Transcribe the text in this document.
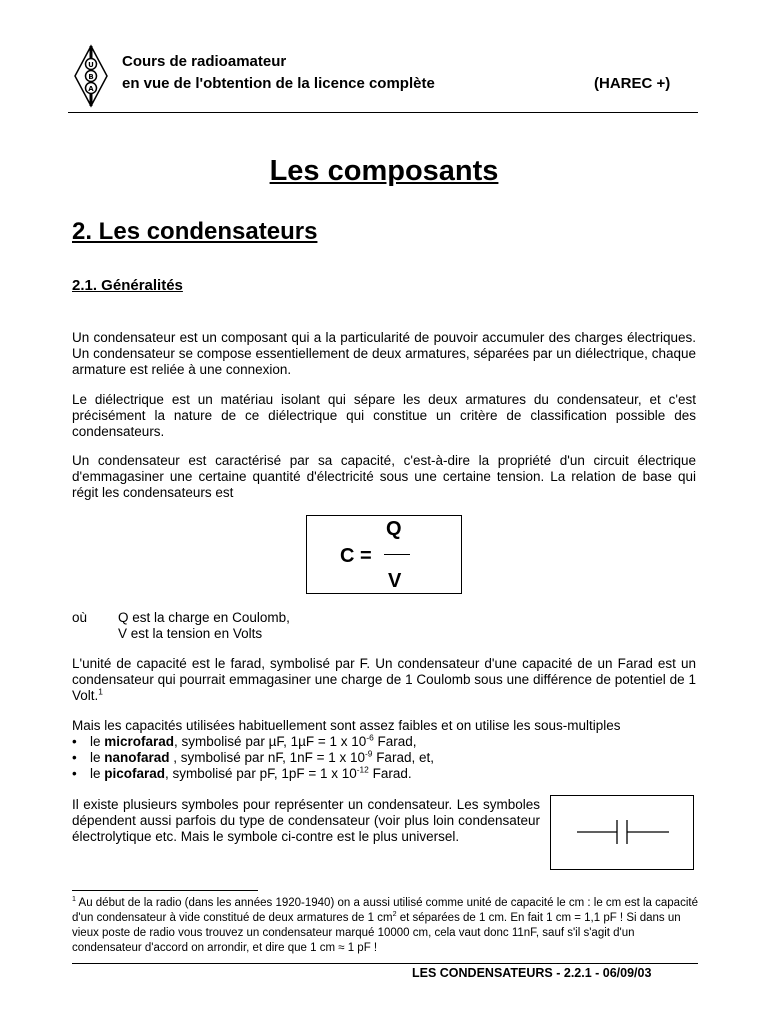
U
B
A
Cours de radioamateur
en vue de l'obtention de la licence complète	(HAREC +)
Les composants
2. Les condensateurs
2.1. Généralités
Un condensateur est un composant qui a la particularité de pouvoir accumuler des charges électriques. Un condensateur se compose essentiellement de deux armatures, séparées par un diélectrique, chaque armature est reliée à une connexion.
Le diélectrique est un matériau isolant qui sépare les deux armatures du condensateur, et c'est précisément la nature de ce diélectrique qui constitue un critère de classification possible des condensateurs.
Un condensateur est caractérisé par sa capacité, c'est-à-dire la propriété d'un circuit électrique d'emmagasiner une certaine quantité d'électricité sous une certaine tension. La relation de base qui régit les condensateurs est
Q
C =
V
où Q est la charge en Coulomb,
V est la tension en Volts
L'unité de capacité est le farad, symbolisé par F. Un condensateur d'une capacité de un Farad est un condensateur qui pourrait emmagasiner une charge de 1 Coulomb sous une différence de potentiel de 1 Volt.$^1$
Mais les capacités utilisées habituellement sont assez faibles et on utilise les sous-multiples
• le microfarad, symbolisé par µF, 1µF = 1 x $10^{-6}$ Farad,
• le nanofarad , symbolisé par nF, 1nF = 1 x $10^{-9}$ Farad, et,
• le picofarad, symbolisé par pF, 1pF = 1 x $10^{-12}$ Farad.
Il existe plusieurs symboles pour représenter un condensateur. Les symboles dépendent aussi parfois du type de condensateur (voir plus loin condensateur électrolytique etc. Mais le symbole ci-contre est le plus universel.
$^1$ Au début de la radio (dans les années 1920-1940) on a aussi utilisé comme unité de capacité le cm : le cm est la capacité d'un condensateur à vide constitué de deux armatures de 1 $cm^2$ et séparées de 1 cm. En fait 1 cm = 1,1 pF ! Si dans un vieux poste de radio vous trouvez un condensateur marqué 10000 cm, cela vaut donc 11nF, sauf s'il s'agit d'un condensateur d'accord on arrondir, et dire que 1 cm ≈ 1 pF !
LES CONDENSATEURS - 2.2.1 - 06/09/03
